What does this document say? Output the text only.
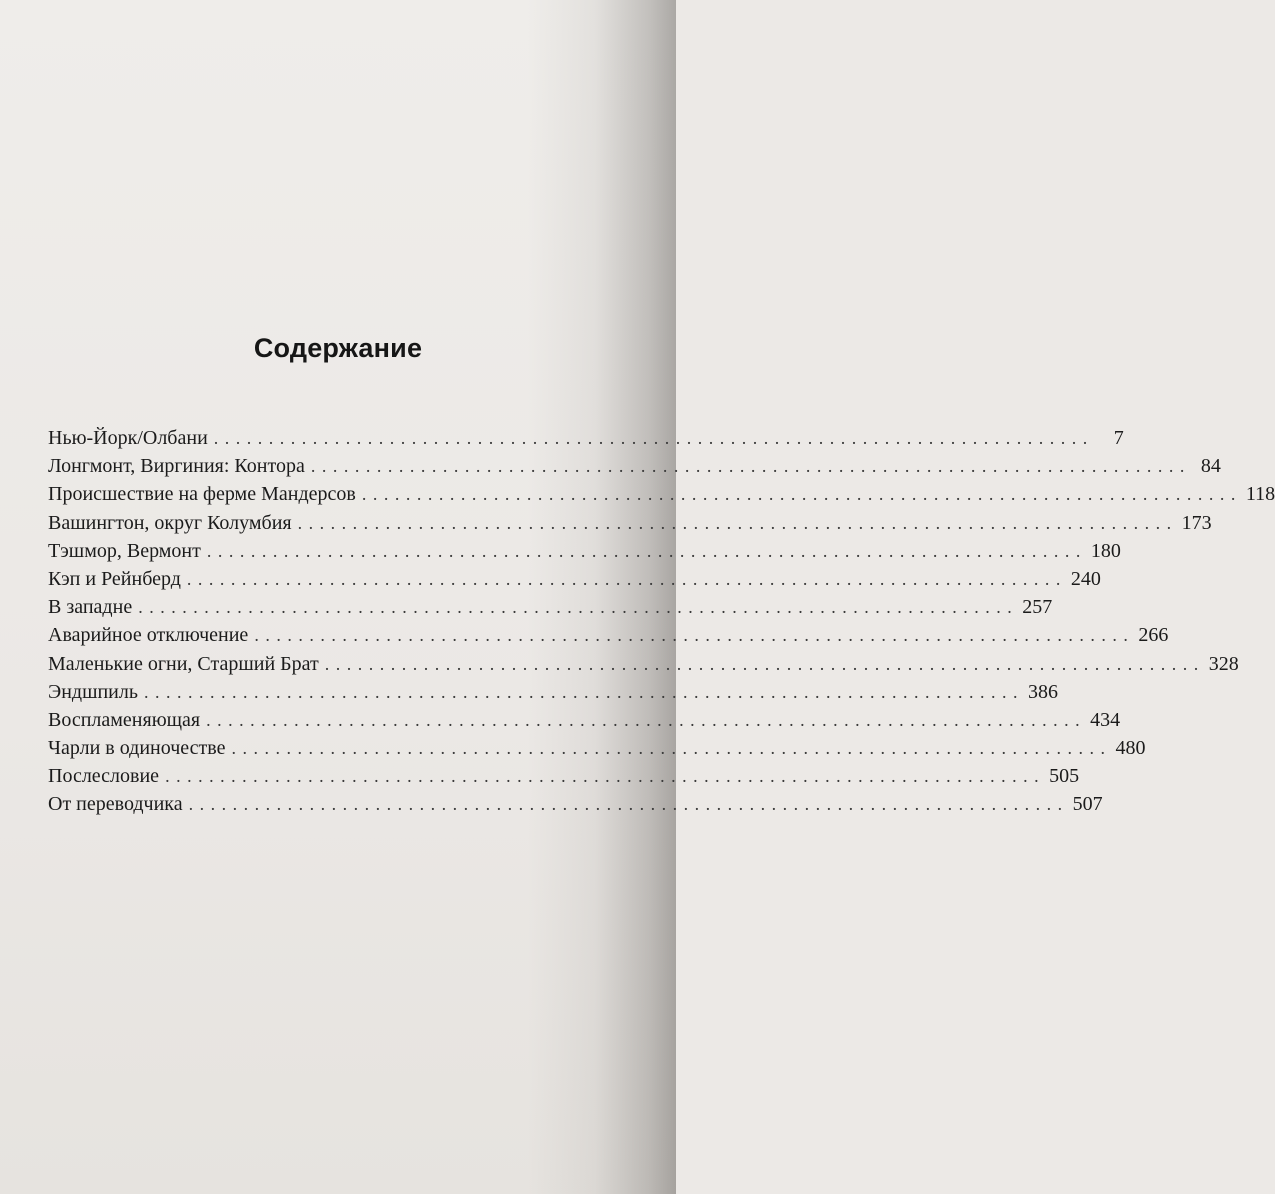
Содержание
Нью-Йорк/Олбани ................................................................................	7
Лонгмонт, Виргиния: Контора ................................................................................ 84
Происшествие на ферме Мандерсов ................................................................................ 118
Вашингтон, округ Колумбия ................................................................................ 173
Тэшмор, Вермонт ................................................................................ 180
Кэп и Рейнберд ................................................................................ 240
В западне ................................................................................ 257
Аварийное отключение ................................................................................ 266
Маленькие огни, Старший Брат ................................................................................ 328
Эндшпиль ................................................................................ 386
Воспламеняющая ................................................................................ 434
Чарли в одиночестве ................................................................................ 480
Послесловие ................................................................................ 505
От переводчика ................................................................................ 507
